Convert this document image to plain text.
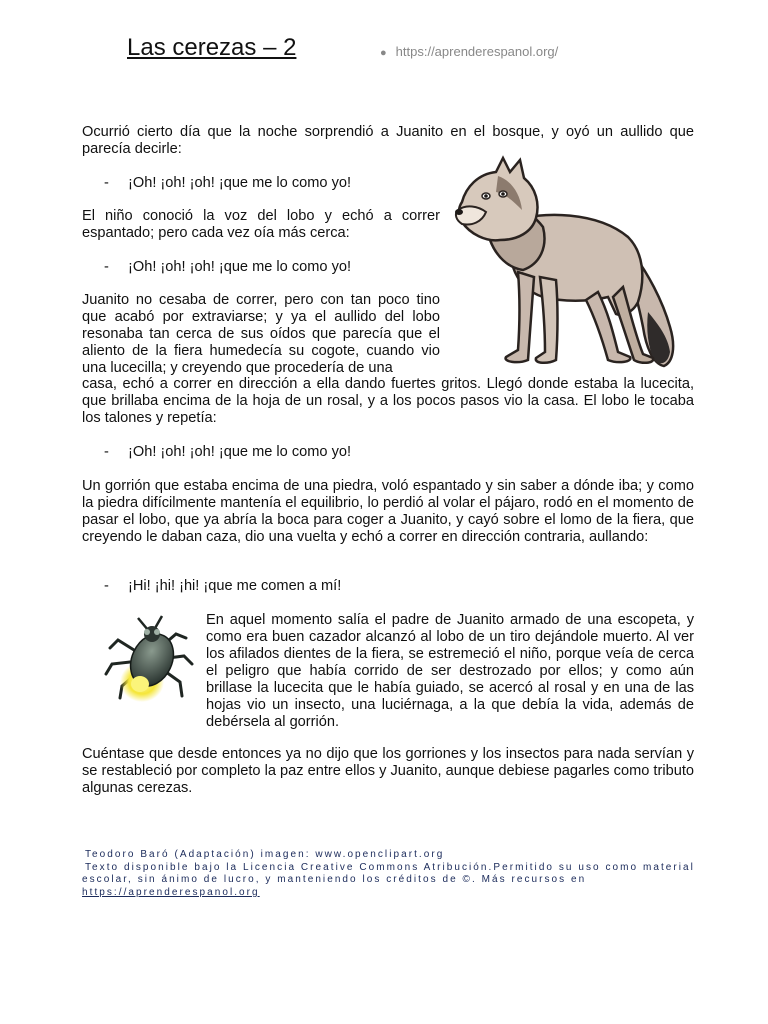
Las cerezas – 2	● https://aprenderespanol.org/

Ocurrió cierto día que la noche sorprendió a Juanito en el bosque, y oyó un aullido que parecía decirle:

- ¡Oh! ¡oh! ¡oh! ¡que me lo como yo!

El niño conoció la voz del lobo y echó a correr

espantado; pero cada vez oía más cerca:

- ¡Oh! ¡oh! ¡oh! ¡que me lo como yo!

Juanito no cesaba de correr, pero con tan poco tino que acabó por extraviarse; y ya el aullido del lobo resonaba tan cerca de sus oídos que parecía que el aliento de la fiera humedecía su cogote, cuando vio una lucecilla; y creyendo que procedería de una

casa, echó a correr en dirección a ella dando fuertes gritos. Llegó donde estaba la lucecita, que brillaba encima de la hoja de un rosal, y a los pocos pasos vio la casa. El lobo le tocaba los talones y repetía:

- ¡Oh! ¡oh! ¡oh! ¡que me lo como yo!

Un gorrión que estaba encima de una piedra, voló espantado y sin saber a dónde iba; y como la piedra difícilmente mantenía el equilibrio, lo perdió al volar el pájaro, rodó en el momento de pasar el lobo, que ya abría la boca para coger a Juanito, y cayó sobre el lomo de la fiera, que creyendo le daban caza, dio una vuelta y echó a correr en dirección contraria, aullando:

- ¡Hi! ¡hi! ¡hi! ¡que me comen a mí!

En aquel momento salía el padre de Juanito armado de una escopeta, y como era buen cazador alcanzó al lobo de un tiro dejándole muerto. Al ver los afilados dientes de la fiera, se estremeció el niño, porque veía de cerca el peligro que había corrido de ser destrozado por ellos; y como aún brillase la lucecita que le había guiado, se acercó al rosal y en una de las hojas vio un insecto, una luciérnaga, a la que debía la vida, además de debérsela al gorrión.

Cuéntase que desde entonces ya no dijo que los gorriones y los insectos para nada servían y se restableció por completo la paz entre ellos y Juanito, aunque debiese pagarles como tributo algunas cerezas.

Teodoro Baró (Adaptación) imagen: www.openclipart.org
Texto disponible bajo la Licencia Creative Commons Atribución.Permitido su uso como material escolar, sin ánimo de lucro, y manteniendo los créditos de ©. Más recursos en https://aprenderespanol.org
